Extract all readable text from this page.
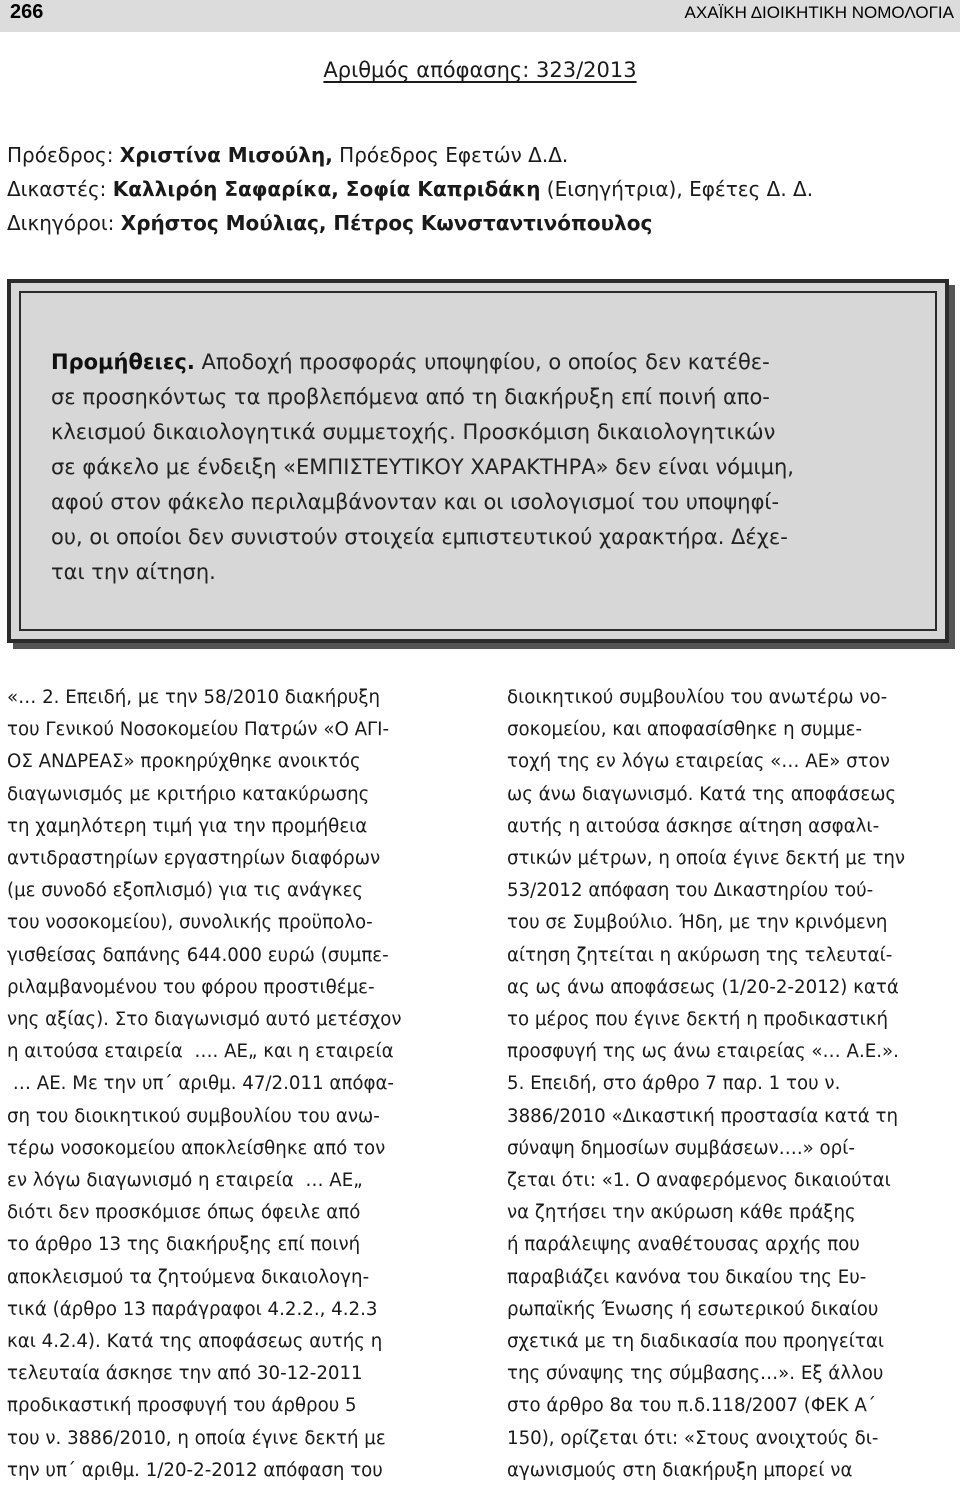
266	ΑΧΑΪΚΗ ΔΙΟΙΚΗΤΙΚΗ ΝΟΜΟΛΟΓΙΑ
Αριθμός απόφασης: 323/2013
Πρόεδρος: Χριστίνα Μισούλη, Πρόεδρος Εφετών Δ.Δ.
Δικαστές: Καλλιρόη Σαφαρίκα, Σοφία Καπριδάκη (Εισηγήτρια), Εφέτες Δ. Δ.
Δικηγόροι: Χρήστος Μούλιας, Πέτρος Κωνσταντινόπουλος
Προμήθειες. Αποδοχή προσφοράς υποψηφίου, ο οποίος δεν κατέθε-
σε προσηκόντως τα προβλεπόμενα από τη διακήρυξη επί ποινή απο-
κλεισμού δικαιολογητικά συμμετοχής. Προσκόμιση δικαιολογητικών
σε φάκελο με ένδειξη «ΕΜΠΙΣΤΕΥΤΙΚΟΥ ΧΑΡΑΚΤΗΡΑ» δεν είναι νόμιμη,
αφού στον φάκελο περιλαμβάνονταν και οι ισολογισμοί του υποψηφί-
ου, οι οποίοι δεν συνιστούν στοιχεία εμπιστευτικού χαρακτήρα. Δέχε-
ται την αίτηση.
«… 2. Επειδή, με την 58/2010 διακήρυξη
του Γενικού Νοσοκομείου Πατρών «Ο ΑΓΙ-
ΟΣ ΑΝΔΡΕΑΣ» προκηρύχθηκε ανοικτός
διαγωνισμός με κριτήριο κατακύρωσης
τη χαμηλότερη τιμή για την προμήθεια
αντιδραστηρίων εργαστηρίων διαφόρων
(με συνοδό εξοπλισμό) για τις ανάγκες
του νοσοκομείου), συνολικής προϋπολο-
γισθείσας δαπάνης 644.000 ευρώ (συμπε-
ριλαμβανομένου του φόρου προστιθέμε-
νης αξίας). Στο διαγωνισμό αυτό μετέσχον
η αιτούσα εταιρεία  …. ΑΕ„ και η εταιρεία
 … ΑΕ. Με την υπ΄ αριθμ. 47/2.011 απόφα-
ση του διοικητικού συμβουλίου του ανω-
τέρω νοσοκομείου αποκλείσθηκε από τον
εν λόγω διαγωνισμό η εταιρεία  … ΑΕ„
διότι δεν προσκόμισε όπως όφειλε από
το άρθρο 13 της διακήρυξης επί ποινή
αποκλεισμού τα ζητούμενα δικαιολογη-
τικά (άρθρο 13 παράγραφοι 4.2.2., 4.2.3
και 4.2.4). Κατά της αποφάσεως αυτής η
τελευταία άσκησε την από 30-12-2011
προδικαστική προσφυγή του άρθρου 5
του ν. 3886/2010, η οποία έγινε δεκτή με
την υπ΄ αριθμ. 1/20-2-2012 απόφαση του
διοικητικού συμβουλίου του ανωτέρω νο-
σοκομείου, και αποφασίσθηκε η συμμε-
τοχή της εν λόγω εταιρείας «… ΑΕ» στον
ως άνω διαγωνισμό. Κατά της αποφάσεως
αυτής η αιτούσα άσκησε αίτηση ασφαλι-
στικών μέτρων, η οποία έγινε δεκτή με την
53/2012 απόφαση του Δικαστηρίου τού-
του σε Συμβούλιο. Ήδη, με την κρινόμενη
αίτηση ζητείται η ακύρωση της τελευταί-
ας ως άνω αποφάσεως (1/20-2-2012) κατά
το μέρος που έγινε δεκτή η προδικαστική
προσφυγή της ως άνω εταιρείας «… Α.Ε.».
5. Επειδή, στο άρθρο 7 παρ. 1 του ν.
3886/2010 «Δικαστική προστασία κατά τη
σύναψη δημοσίων συμβάσεων….» ορί-
ζεται ότι: «1. Ο αναφερόμενος δικαιούται
να ζητήσει την ακύρωση κάθε πράξης
ή παράλειψης αναθέτουσας αρχής που
παραβιάζει κανόνα του δικαίου της Ευ-
ρωπαϊκής Ένωσης ή εσωτερικού δικαίου
σχετικά με τη διαδικασία που προηγείται
της σύναψης της σύμβασης…». Εξ άλλου
στο άρθρο 8α του π.δ.118/2007 (ΦΕΚ Α΄
150), ορίζεται ότι: «Στους ανοιχτούς δι-
αγωνισμούς στη διακήρυξη μπορεί να
